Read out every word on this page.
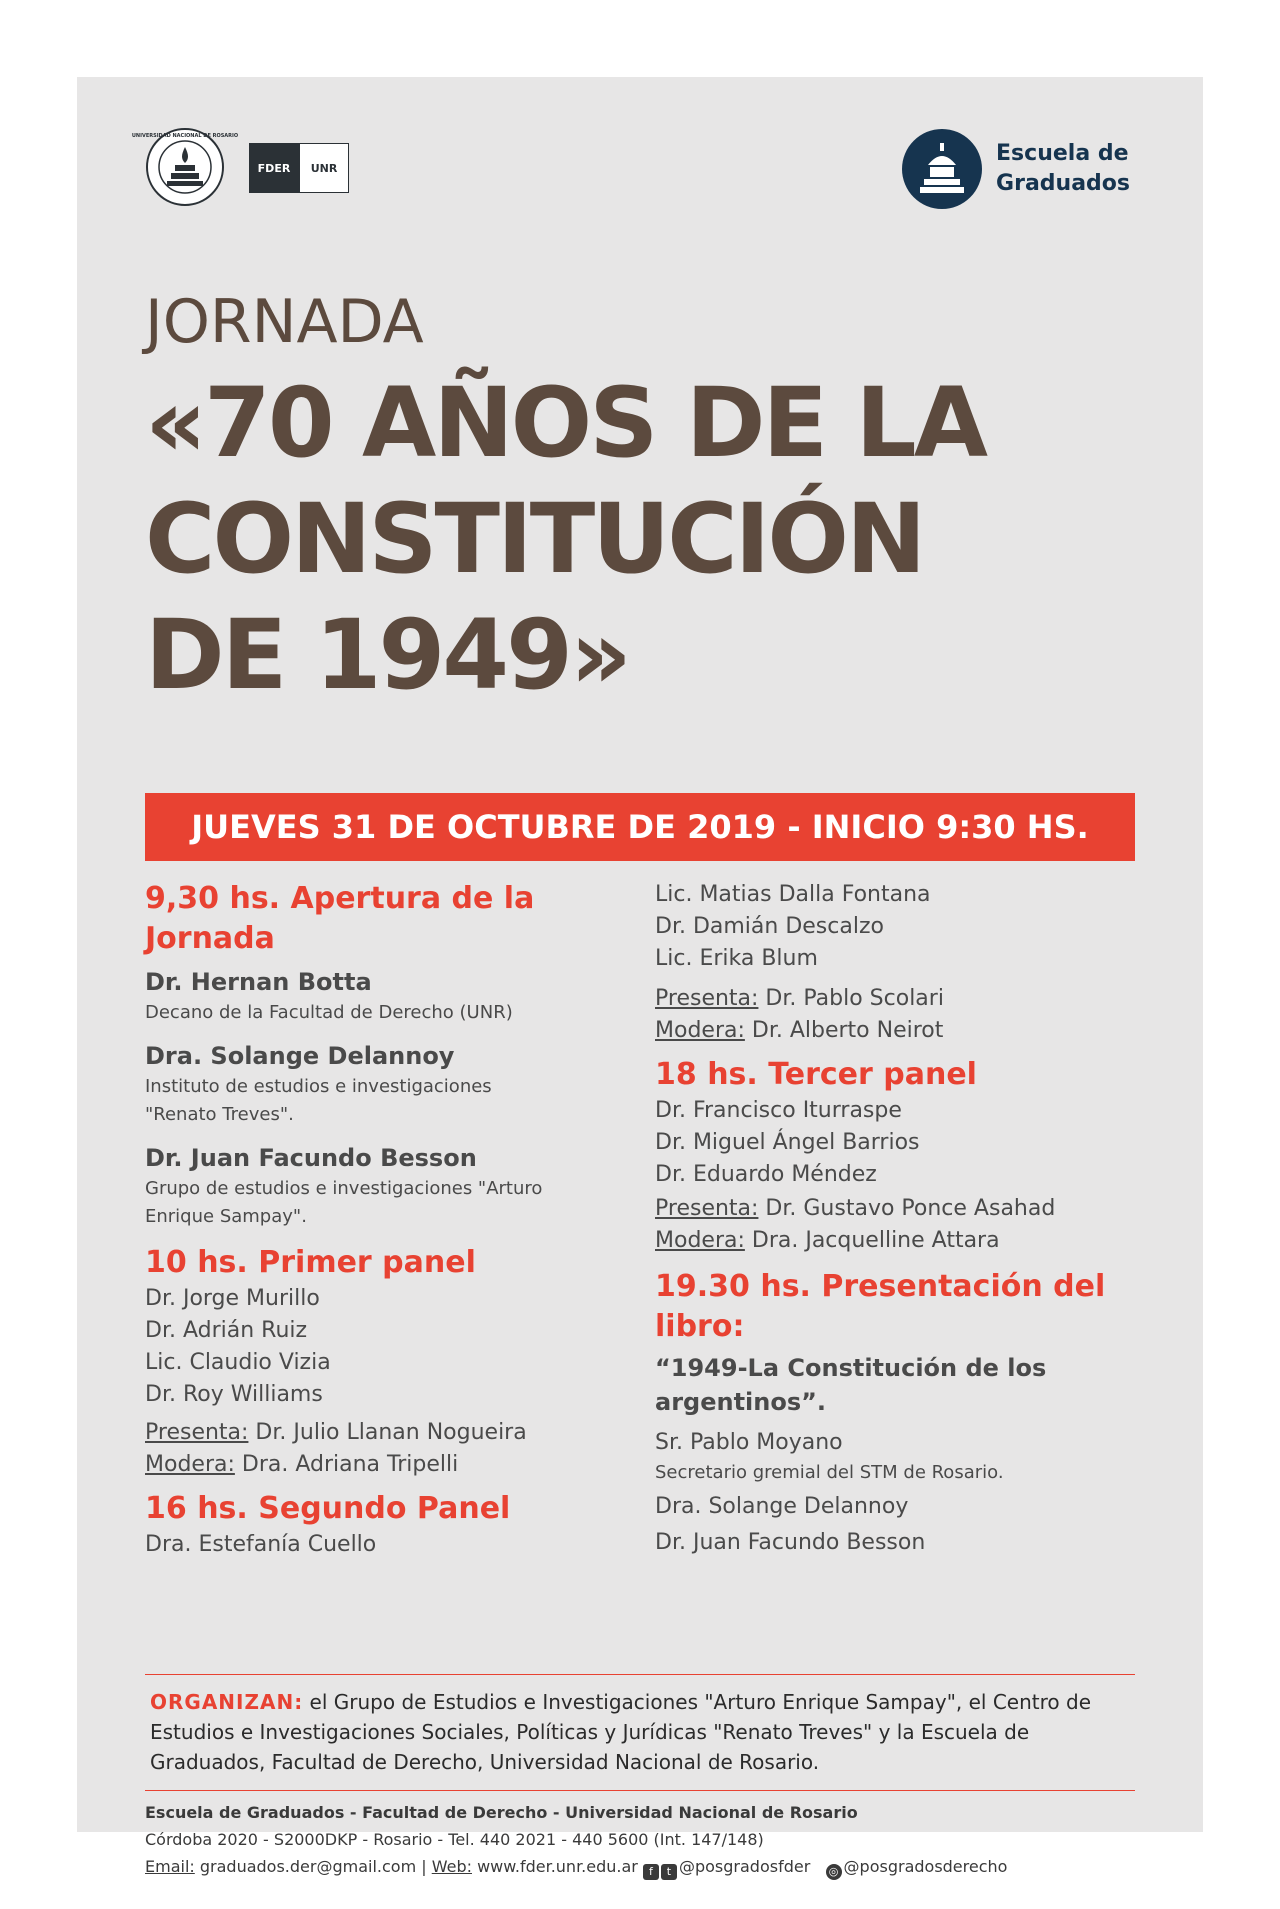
UNIVERSIDAD NACIONAL DE ROSARIO
FDER	UNR
Escuela de
Graduados
JORNADA
«70 AÑOS DE LA
CONSTITUCIÓN
DE 1949»
JUEVES 31 DE OCTUBRE DE 2019 - INICIO 9:30 HS.
9,30 hs. Apertura de la Jornada
Dr. Hernan Botta
Decano de la Facultad de Derecho (UNR)
Dra. Solange Delannoy
Instituto de estudios e investigaciones
"Renato Treves".
Dr. Juan Facundo Besson
Grupo de estudios e investigaciones "Arturo
Enrique Sampay".
10 hs. Primer panel
Dr. Jorge Murillo
Dr. Adrián Ruiz
Lic. Claudio Vizia
Dr. Roy Williams
Presenta: Dr. Julio Llanan Nogueira
Modera: Dra. Adriana Tripelli
16 hs. Segundo Panel
Dra. Estefanía Cuello
Lic. Matias Dalla Fontana
Dr. Damián Descalzo
Lic. Erika Blum
Presenta: Dr. Pablo Scolari
Modera: Dr. Alberto Neirot
18 hs. Tercer panel
Dr. Francisco Iturraspe
Dr. Miguel Ángel Barrios
Dr. Eduardo Méndez
Presenta: Dr. Gustavo Ponce Asahad
Modera: Dra. Jacquelline Attara
19.30 hs. Presentación del libro:
“1949-La Constitución de los
argentinos”.
Sr. Pablo Moyano
Secretario gremial del STM de Rosario.
Dra. Solange Delannoy
Dr. Juan Facundo Besson
ORGANIZAN: el Grupo de Estudios e Investigaciones "Arturo Enrique Sampay", el Centro de Estudios e Investigaciones Sociales, Políticas y Jurídicas "Renato Treves" y la Escuela de Graduados, Facultad de Derecho, Universidad Nacional de Rosario.
Escuela de Graduados - Facultad de Derecho - Universidad Nacional de Rosario
Córdoba 2020 - S2000DKP - Rosario - Tel. 440 2021 - 440 5600 (Int. 147/148)
Email: graduados.der@gmail.com | Web: www.fder.unr.edu.ar f t @posgradosfder ◎ @posgradosderecho
